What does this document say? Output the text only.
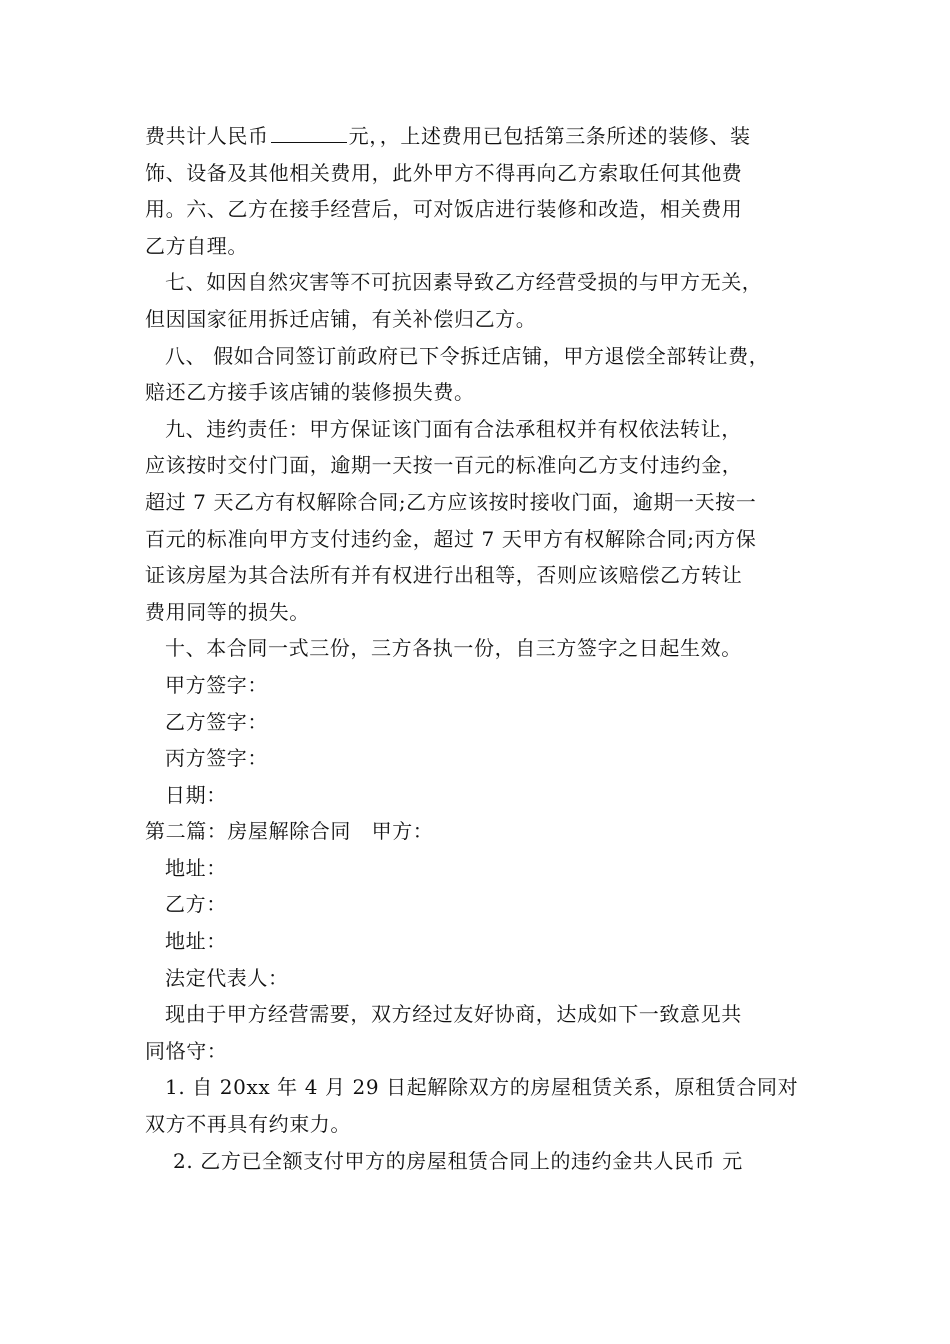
费共计人民币	元，，上述费用已包括第三条所述的装修、装
饰、设备及其他相关费用，此外甲方不得再向乙方索取任何其他费
用。六、乙方在接手经营后，可对饭店进行装修和改造，相关费用
乙方自理。
七、如因自然灾害等不可抗因素导致乙方经营受损的与甲方无关，
但因国家征用拆迁店铺，有关补偿归乙方。
八、 假如合同签订前政府已下令拆迁店铺，甲方退偿全部转让费，
赔还乙方接手该店铺的装修损失费。
九、违约责任：甲方保证该门面有合法承租权并有权依法转让，
应该按时交付门面，逾期一天按一百元的标准向乙方支付违约金，
超过 7 天乙方有权解除合同;乙方应该按时接收门面，逾期一天按一
百元的标准向甲方支付违约金，超过 7 天甲方有权解除合同;丙方保
证该房屋为其合法所有并有权进行出租等，否则应该赔偿乙方转让
费用同等的损失。
十、本合同一式三份，三方各执一份，自三方签字之日起生效。
甲方签字：
乙方签字：
丙方签字：
日期：
第二篇：房屋解除合同　甲方：
地址：
乙方：
地址：
法定代表人：
现由于甲方经营需要，双方经过友好协商，达成如下一致意见共
同恪守：
1. 自 20xx 年 4 月 29 日起解除双方的房屋租赁关系，原租赁合同对
双方不再具有约束力。
2. 乙方已全额支付甲方的房屋租赁合同上的违约金共人民币 元
